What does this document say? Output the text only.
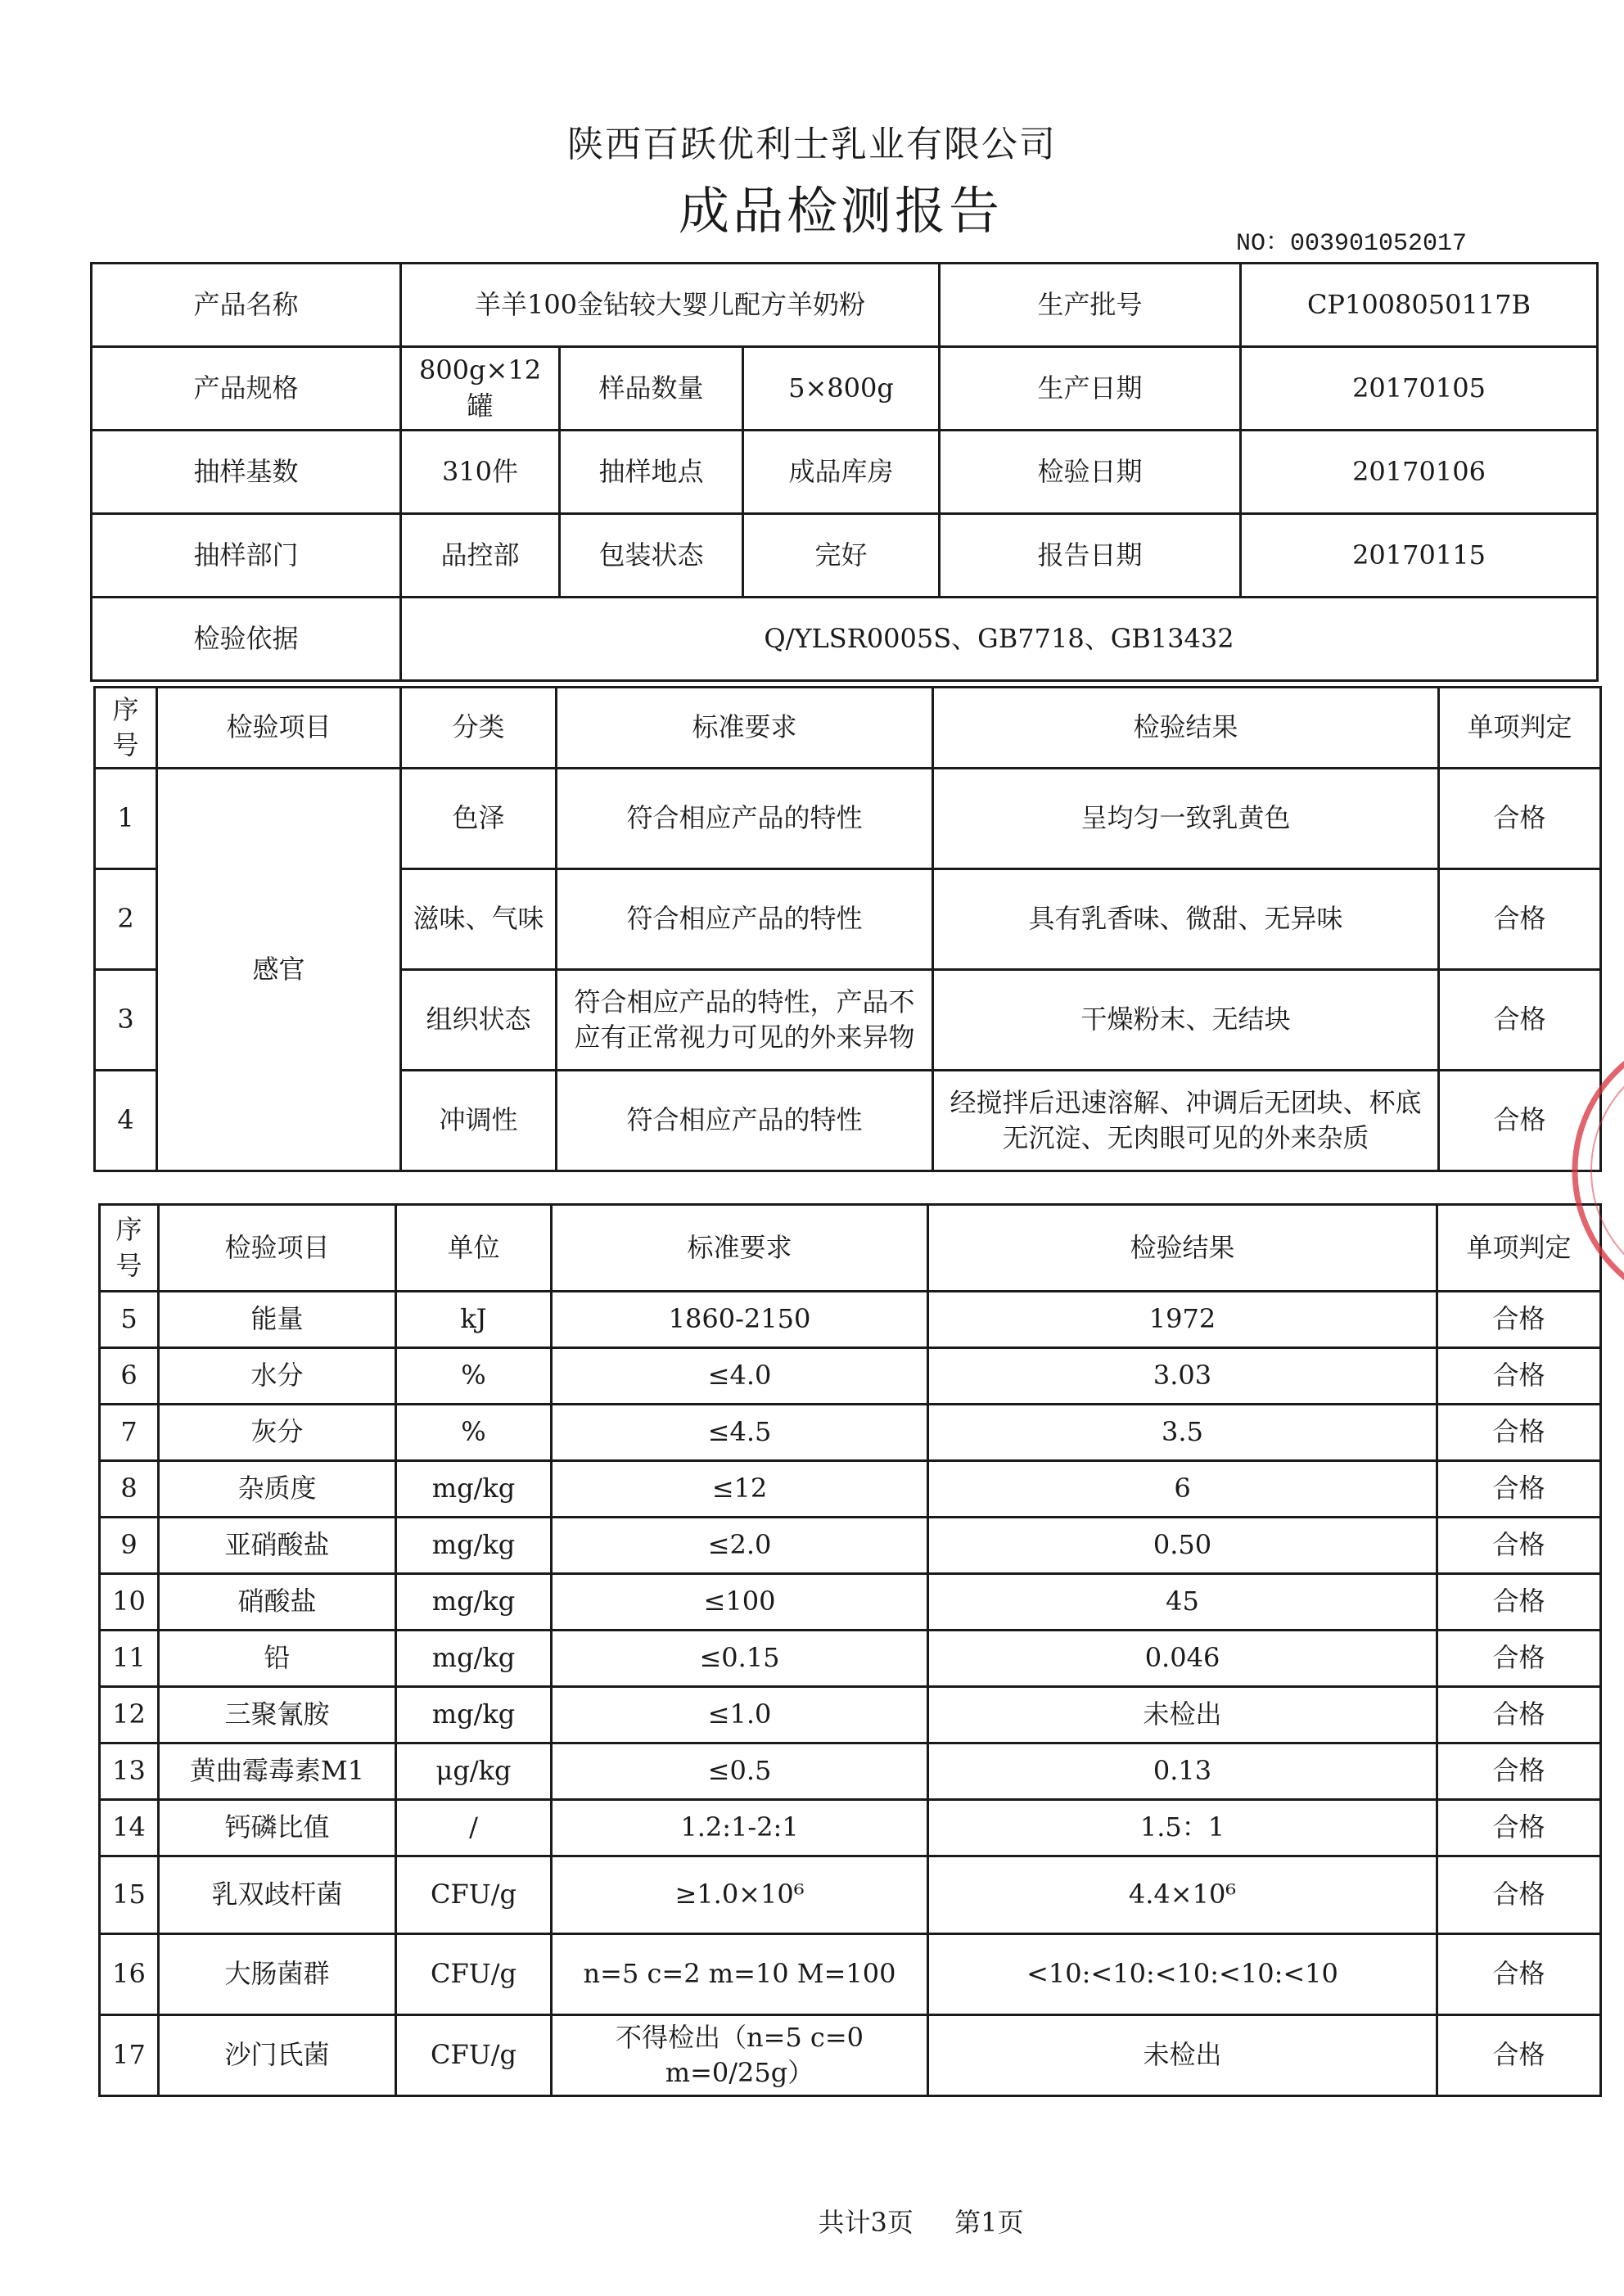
陕西百跃优利士乳业有限公司
成品检测报告
NO：003901052017
产品名称	羊羊100金钻较大婴儿配方羊奶粉			生产批号	CP1008050117B
产品规格	800g×12罐	样品数量	5×800g	生产日期	20170105
抽样基数	310件	抽样地点	成品库房	检验日期	20170106
抽样部门	品控部	包装状态	完好	报告日期	20170115
检验依据	Q/YLSR0005S、GB7718、GB13432				
序号	检验项目	分类	标准要求	检验结果	单项判定
1	感官	色泽	符合相应产品的特性	呈均匀一致乳黄色	合格
2		滋味、气味	符合相应产品的特性	具有乳香味、微甜、无异味	合格
3		组织状态	符合相应产品的特性，产品不应有正常视力可见的外来异物	干燥粉末、无结块	合格
4		冲调性	符合相应产品的特性	经搅拌后迅速溶解、冲调后无团块、杯底无沉淀、无肉眼可见的外来杂质	合格
序号	检验项目	单位	标准要求	检验结果	单项判定
5	能量	kJ	1860-2150	1972	合格
6	水分	%	≤4.0	3.03	合格
7	灰分	%	≤4.5	3.5	合格
8	杂质度	mg/kg	≤12	6	合格
9	亚硝酸盐	mg/kg	≤2.0	0.50	合格
10	硝酸盐	mg/kg	≤100	45	合格
11	铅	mg/kg	≤0.15	0.046	合格
12	三聚氰胺	mg/kg	≤1.0	未检出	合格
13	黄曲霉毒素M1	μg/kg	≤0.5	0.13	合格
14	钙磷比值	/	1.2:1-2:1	1.5：1	合格
15	乳双歧杆菌	CFU/g	≥1.0×10⁶	4.4×10⁶	合格
16	大肠菌群	CFU/g	n=5 c=2 m=10 M=100	<10:<10:<10:<10:<10	合格
17	沙门氏菌	CFU/g	不得检出（n=5 c=0 m=0/25g）	未检出	合格
共计3页 第1页
